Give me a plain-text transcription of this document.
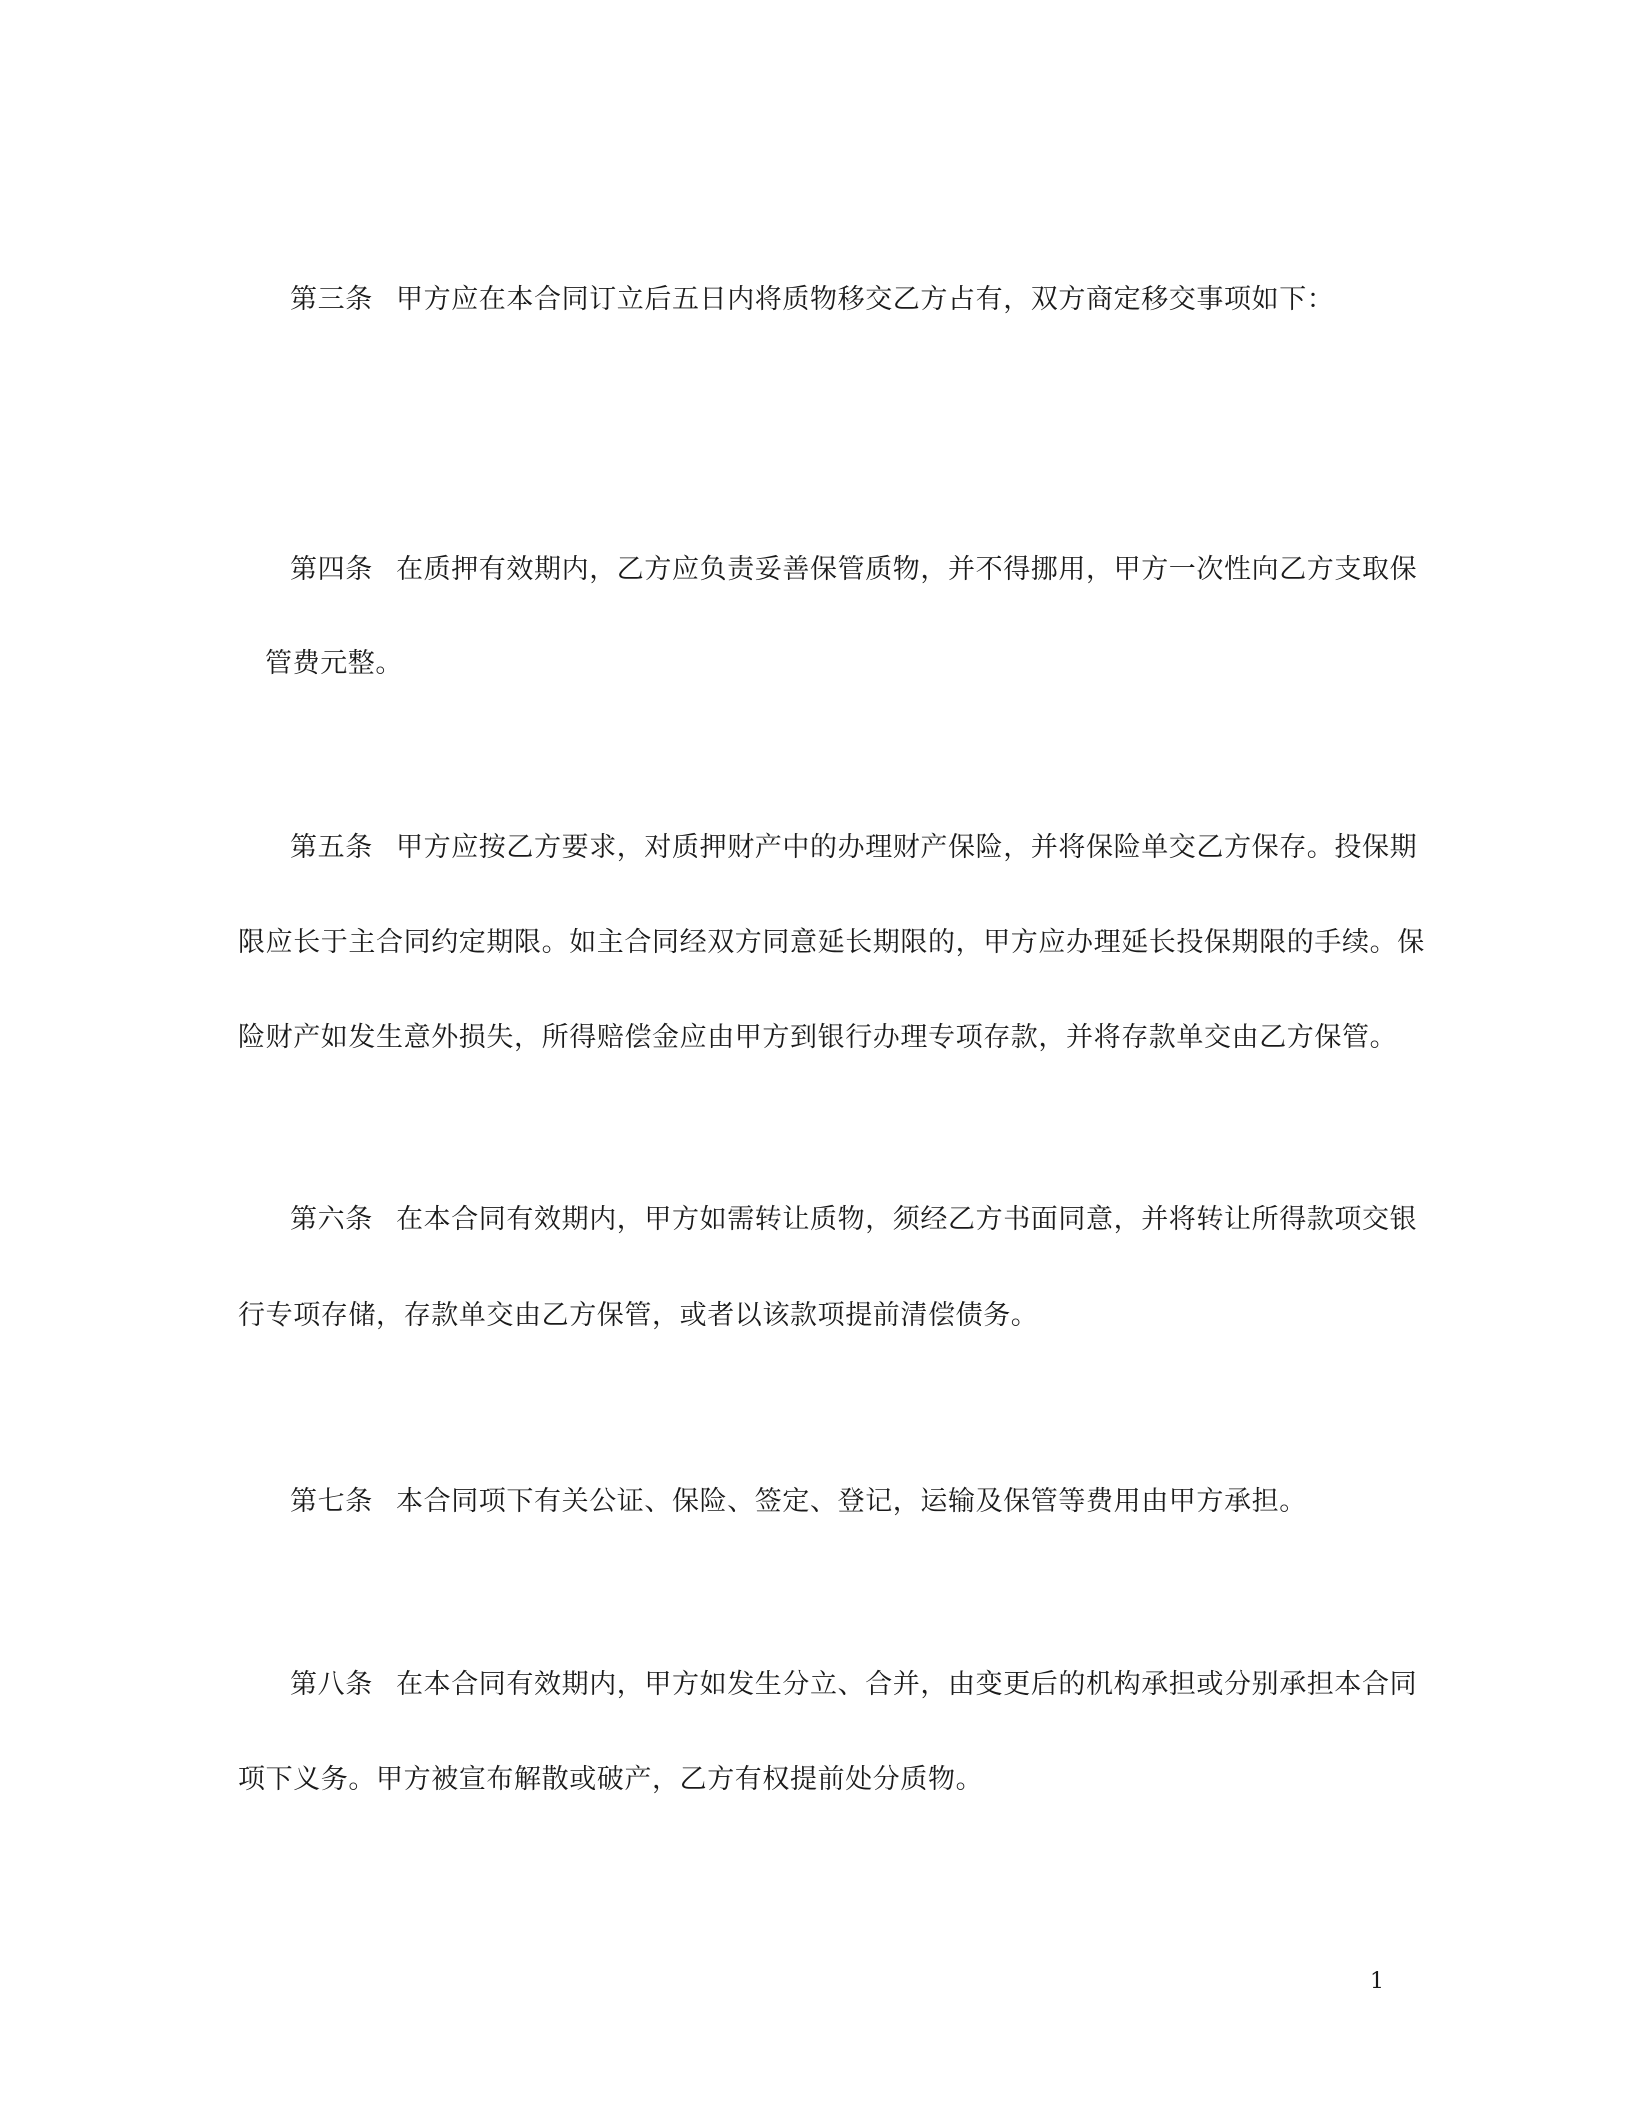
第三条 甲方应在本合同订立后五日内将质物移交乙方占有，双方商定移交事项如下：
第四条 在质押有效期内，乙方应负责妥善保管质物，并不得挪用，甲方一次性向乙方支取保
管费元整。
第五条 甲方应按乙方要求，对质押财产中的办理财产保险，并将保险单交乙方保存。投保期
限应长于主合同约定期限。如主合同经双方同意延长期限的，甲方应办理延长投保期限的手续。保
险财产如发生意外损失，所得赔偿金应由甲方到银行办理专项存款，并将存款单交由乙方保管。
第六条 在本合同有效期内，甲方如需转让质物，须经乙方书面同意，并将转让所得款项交银
行专项存储，存款单交由乙方保管，或者以该款项提前清偿债务。
第七条 本合同项下有关公证、保险、签定、登记，运输及保管等费用由甲方承担。
第八条 在本合同有效期内，甲方如发生分立、合并，由变更后的机构承担或分别承担本合同
项下义务。甲方被宣布解散或破产，乙方有权提前处分质物。
1
